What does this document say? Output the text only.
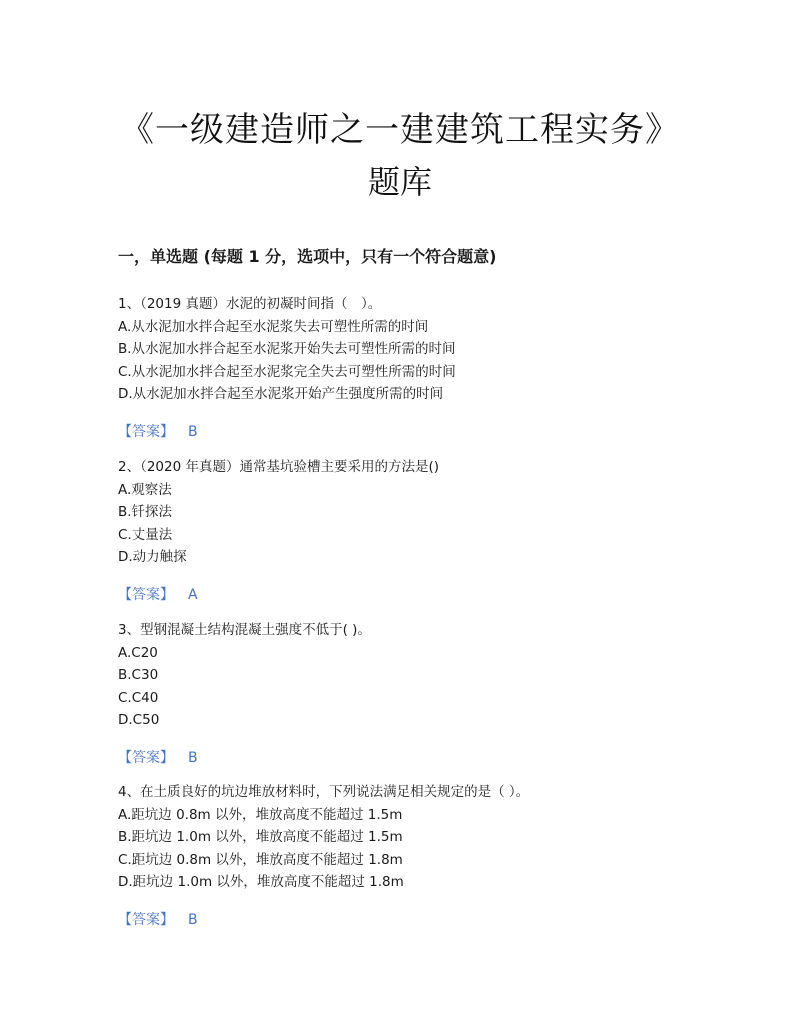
《一级建造师之一建建筑工程实务》
题库
一，单选题 (每题 1 分，选项中，只有一个符合题意)
1、（2019 真题）水泥的初凝时间指（　）。
A.从水泥加水拌合起至水泥浆失去可塑性所需的时间
B.从水泥加水拌合起至水泥浆开始失去可塑性所需的时间
C.从水泥加水拌合起至水泥浆完全失去可塑性所需的时间
D.从水泥加水拌合起至水泥浆开始产生强度所需的时间
【答案】 B
2、（2020 年真题）通常基坑验槽主要采用的方法是()
A.观察法
B.钎探法
C.丈量法
D.动力触探
【答案】 A
3、型钢混凝土结构混凝土强度不低于( )。
A.C20
B.C30
C.C40
D.C50
【答案】 B
4、在土质良好的坑边堆放材料时，下列说法满足相关规定的是（ ）。
A.距坑边 0.8m 以外，堆放高度不能超过 1.5m
B.距坑边 1.0m 以外，堆放高度不能超过 1.5m
C.距坑边 0.8m 以外，堆放高度不能超过 1.8m
D.距坑边 1.0m 以外，堆放高度不能超过 1.8m
【答案】 B
